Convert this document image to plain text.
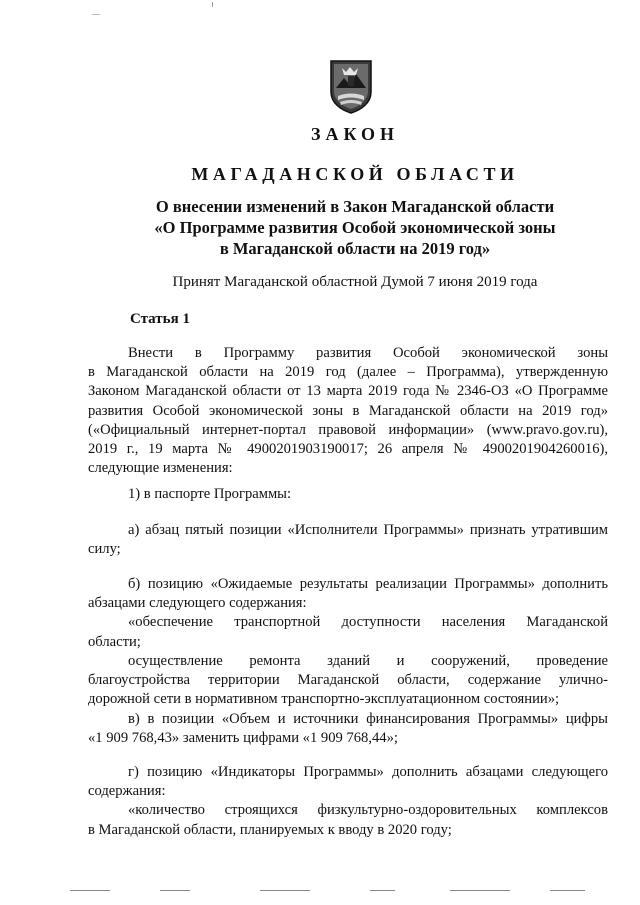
ЗАКОН
МАГАДАНСКОЙ ОБЛАСТИ
О внесении изменений в Закон Магаданской области
«О Программе развития Особой экономической зоны
в Магаданской области на 2019 год»
Принят Магаданской областной Думой 7 июня 2019 года
Статья 1
Внести в Программу развития Особой экономической зоны
в Магаданской области на 2019 год (далее – Программа), утвержденную
Законом Магаданской области от 13 марта 2019 года № 2346-ОЗ «О Программе
развития Особой экономической зоны в Магаданской области на 2019 год»
(«Официальный интернет-портал правовой информации» (www.pravo.gov.ru),
2019 г., 19 марта № 4900201903190017; 26 апреля № 4900201904260016),
следующие изменения:
1) в паспорте Программы:
а) абзац пятый позиции «Исполнители Программы» признать утратившим
силу;
б) позицию «Ожидаемые результаты реализации Программы» дополнить
абзацами следующего содержания:
«обеспечение транспортной доступности населения Магаданской
области;
осуществление ремонта зданий и сооружений, проведение
благоустройства территории Магаданской области, содержание улично-
дорожной сети в нормативном транспортно-эксплуатационном состоянии»;
в) в позиции «Объем и источники финансирования Программы» цифры
«1 909 768,43» заменить цифрами «1 909 768,44»;
г) позицию «Индикаторы Программы» дополнить абзацами следующего
содержания:
«количество строящихся физкультурно-оздоровительных комплексов
в Магаданской области, планируемых к вводу в 2020 году;
